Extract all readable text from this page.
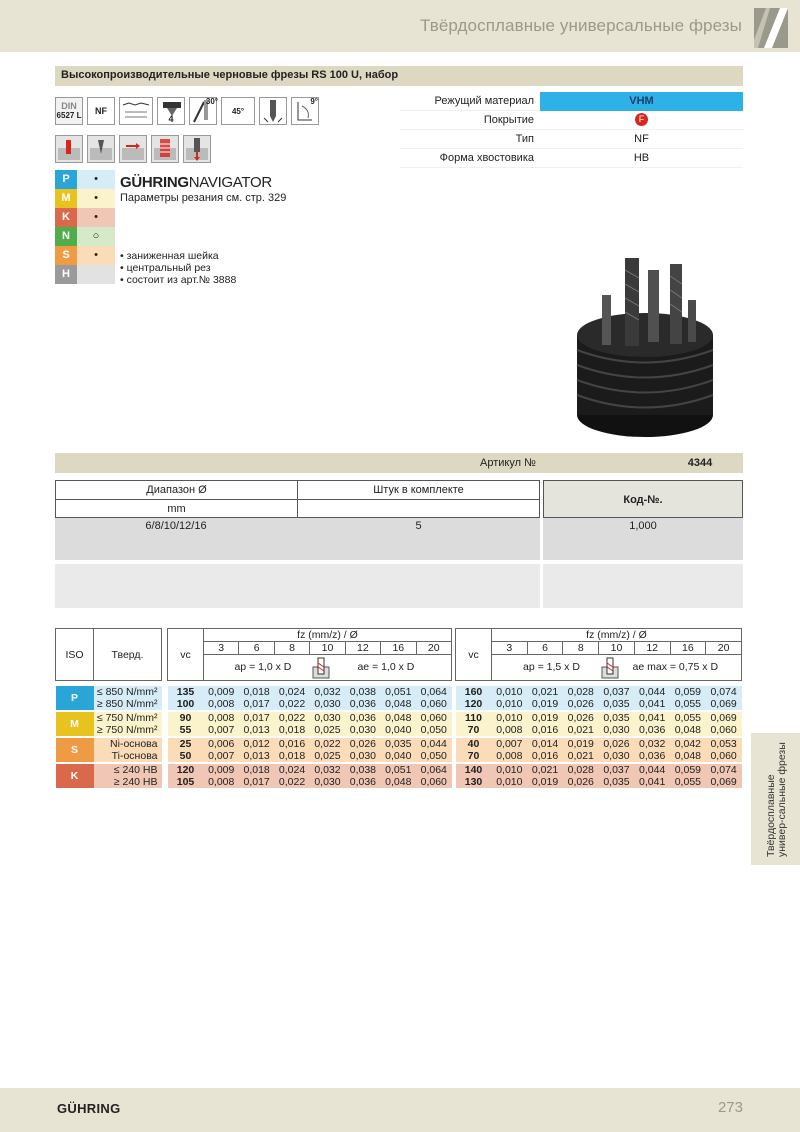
Твёрдосплавные универсальные фрезы
Высокопроизводительные черновые фрезы RS 100 U, набор
DIN
6527 L NF
4
30°
45°
9°	Режущий материал	VHM
Покрытие	F
Тип	NF
Форма хвостовика	HB
P	•
M	•
K	•
N	○
S	•
H
GÜHRINGNAVIGATOR
Параметры резания см. стр. 329
• заниженная шейка
• центральный рез
• состоит из арт.№ 3888
Артикул №	4344
Диапазон Ø	Штук в комплекте
mm
Код-№.
6/8/10/12/16	5	1,000
ISO	Тверд.		vc	fz (mm/z) / Ø						
				3	6	8	10	12	16	20
				ap = 1,0 x D ae = 1,0 x D						

P	≤ 850 N/mm²		135	0,009	0,018	0,024	0,032	0,038	0,051	0,064
	≥ 850 N/mm²		100	0,008	0,017	0,022	0,030	0,036	0,048	0,060

M	≤ 750 N/mm²		90	0,008	0,017	0,022	0,030	0,036	0,048	0,060
	≥ 750 N/mm²		55	0,007	0,013	0,018	0,025	0,030	0,040	0,050

S	Ni-основа		25	0,006	0,012	0,016	0,022	0,026	0,035	0,044
	Ti-основа		50	0,007	0,013	0,018	0,025	0,030	0,040	0,050

K	≤ 240 HB		120	0,009	0,018	0,024	0,032	0,038	0,051	0,064
	≥ 240 HB		105	0,008	0,017	0,022	0,030	0,036	0,048	0,060
vc	fz (mm/z) / Ø						
	3	6	8	10	12	16	20
	ap = 1,5 x D ae max = 0,75 x D						

160	0,010	0,021	0,028	0,037	0,044	0,059	0,074
120	0,010	0,019	0,026	0,035	0,041	0,055	0,069

110	0,010	0,019	0,026	0,035	0,041	0,055	0,069
70	0,008	0,016	0,021	0,030	0,036	0,048	0,060

40	0,007	0,014	0,019	0,026	0,032	0,042	0,053
70	0,008	0,016	0,021	0,030	0,036	0,048	0,060

140	0,010	0,021	0,028	0,037	0,044	0,059	0,074
130	0,010	0,019	0,026	0,035	0,041	0,055	0,069	Твёрдосплавные универ-сальные фрезы
GÜHRING	273
